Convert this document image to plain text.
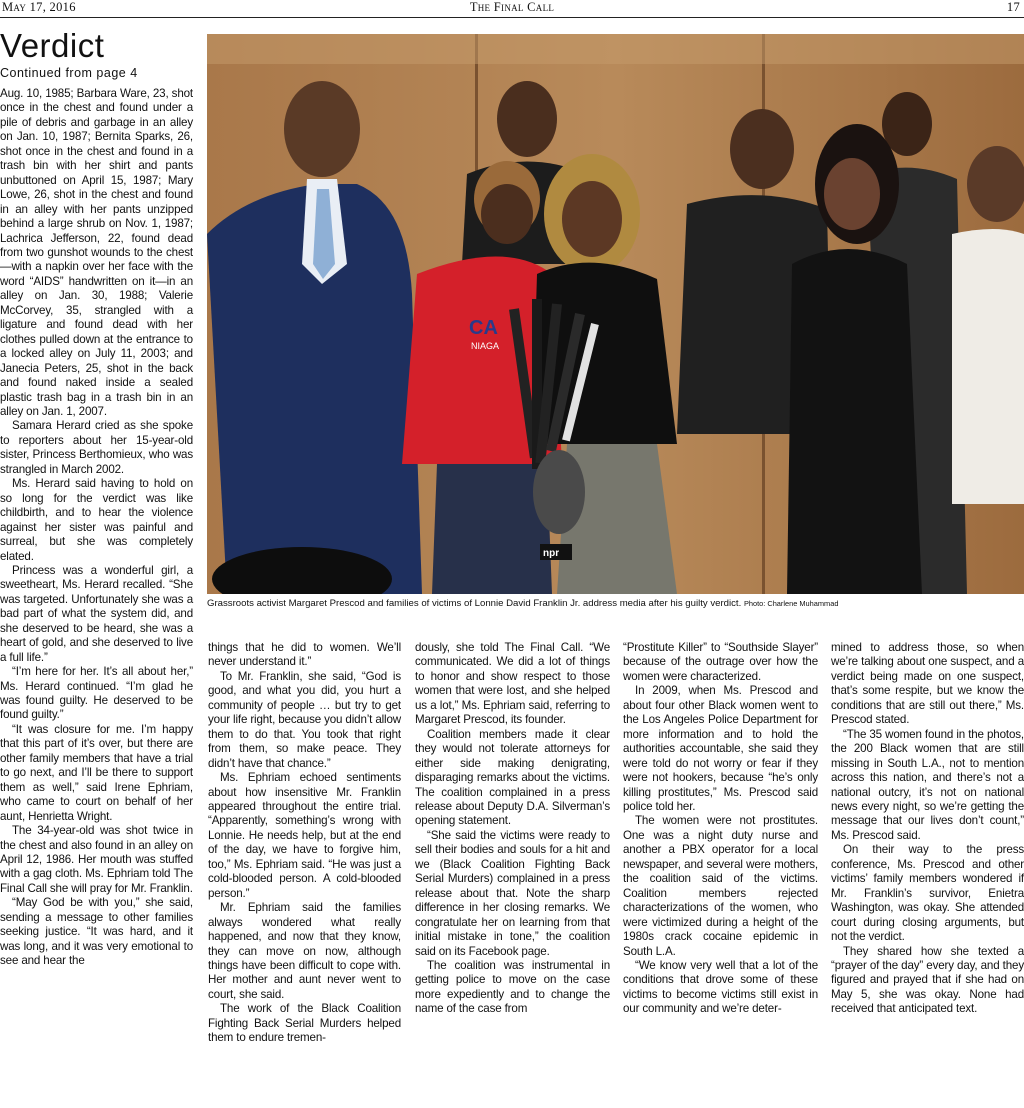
May 17, 2016	The Final Call	17
Verdict
Continued from page 4

Aug. 10, 1985; Barbara Ware, 23, shot once in the chest and found under a pile of debris and garbage in an alley on Jan. 10, 1987; Bernita Sparks, 26, shot once in the chest and found in a trash bin with her shirt and pants unbuttoned on April 15, 1987; Mary Lowe, 26, shot in the chest and found in an alley with her pants unzipped behind a large shrub on Nov. 1, 1987; Lachrica Jefferson, 22, found dead from two gunshot wounds to the chest—with a napkin over her face with the word “AIDS” handwritten on it—in an alley on Jan. 30, 1988; Valerie McCorvey, 35, strangled with a ligature and found dead with her clothes pulled down at the entrance to a locked alley on July 11, 2003; and Janecia Peters, 25, shot in the back and found naked inside a sealed plastic trash bag in a trash bin in an alley on Jan. 1, 2007.

Samara Herard cried as she spoke to reporters about her 15-year-old sister, Princess Berthomieux, who was strangled in March 2002.

Ms. Herard said having to hold on so long for the verdict was like childbirth, and to hear the violence against her sister was painful and surreal, but she was completely elated.

Princess was a wonderful girl, a sweetheart, Ms. Herard recalled. “She was targeted. Unfortunately she was a bad part of what the system did, and she deserved to be heard, she was a heart of gold, and she deserved to live a full life.”

“I’m here for her. It’s all about her,” Ms. Herard continued. “I’m glad he was found guilty. He deserved to be found guilty.”

“It was closure for me. I’m happy that this part of it’s over, but there are other family members that have a trial to go next, and I’ll be there to support them as well,” said Irene Ephriam, who came to court on behalf of her aunt, Henrietta Wright.

The 34-year-old was shot twice in the chest and also found in an alley on April 12, 1986. Her mouth was stuffed with a gag cloth. Ms. Ephriam told The Final Call she will pray for Mr. Franklin.

“May God be with you,” she said, sending a message to other families seeking justice. “It was hard, and it was long, and it was very emotional to see and hear the

CA
NIAGA
npr
Grassroots activist Margaret Prescod and families of victims of Lonnie David Franklin Jr. address media after his guilty verdict. Photo: Charlene Muhammad

things that he did to women. We’ll never understand it.”

To Mr. Franklin, she said, “God is good, and what you did, you hurt a community of people … but try to get your life right, because you didn’t allow them to do that. You took that right from them, so make peace. They didn’t have that chance.”

Ms. Ephriam echoed sentiments about how insensitive Mr. Franklin appeared throughout the entire trial. “Apparently, something’s wrong with Lonnie. He needs help, but at the end of the day, we have to forgive him, too,” Ms. Ephriam said. “He was just a cold-blooded person. A cold-blooded person.”

Mr. Ephriam said the families always wondered what really happened, and now that they know, they can move on now, although things have been difficult to cope with. Her mother and aunt never went to court, she said.

The work of the Black Coalition Fighting Back Serial Murders helped them to endure tremen-

dously, she told The Final Call. “We communicated. We did a lot of things to honor and show respect to those women that were lost, and she helped us a lot,” Ms. Ephriam said, referring to Margaret Prescod, its founder.

Coalition members made it clear they would not tolerate attorneys for either side making denigrating, disparaging remarks about the victims. The coalition complained in a press release about Deputy D.A. Silverman’s opening statement.

“She said the victims were ready to sell their bodies and souls for a hit and we (Black Coalition Fighting Back Serial Murders) complained in a press release about that. Note the sharp difference in her closing remarks. We congratulate her on learning from that initial mistake in tone,” the coalition said on its Facebook page.

The coalition was instrumental in getting police to move on the case more expediently and to change the name of the case from

“Prostitute Killer” to “Southside Slayer” because of the outrage over how the women were characterized.

In 2009, when Ms. Prescod and about four other Black women went to the Los Angeles Police Department for more information and to hold the authorities accountable, she said they were told do not worry or fear if they were not hookers, because “he’s only killing prostitutes,” Ms. Prescod said police told her.

The women were not prostitutes. One was a night duty nurse and another a PBX operator for a local newspaper, and several were mothers, the coalition said of the victims. Coalition members rejected characterizations of the women, who were victimized during a height of the 1980s crack cocaine epidemic in South L.A.

“We know very well that a lot of the conditions that drove some of these victims to become victims still exist in our community and we’re deter-

mined to address those, so when we’re talking about one suspect, and a verdict being made on one suspect, that’s some respite, but we know the conditions that are still out there,” Ms. Prescod stated.

“The 35 women found in the photos, the 200 Black women that are still missing in South L.A., not to mention across this nation, and there’s not a national outcry, it’s not on national news every night, so we’re getting the message that our lives don’t count,” Ms. Prescod said.

On their way to the press conference, Ms. Prescod and other victims’ family members wondered if Mr. Franklin’s survivor, Enietra Washington, was okay. She attended court during closing arguments, but not the verdict.

They shared how she texted a “prayer of the day” every day, and they figured and prayed that if she had on May 5, she was okay. None had received that anticipated text.
